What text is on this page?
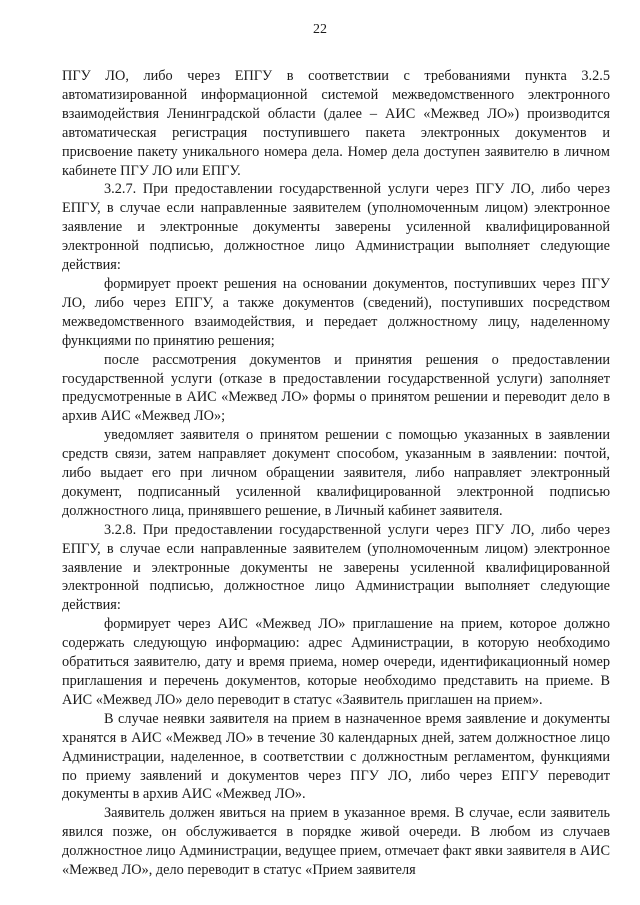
22

ПГУ ЛО, либо через ЕПГУ в соответствии с требованиями пункта 3.2.5 автоматизированной информационной системой межведомственного электронного взаимодействия Ленинградской области (далее – АИС «Межвед ЛО») производится автоматическая регистрация поступившего пакета электронных документов и присвоение пакету уникального номера дела. Номер дела доступен заявителю в личном кабинете ПГУ ЛО или ЕПГУ.

3.2.7. При предоставлении государственной услуги через ПГУ ЛО, либо через ЕПГУ, в случае если направленные заявителем (уполномоченным лицом) электронное заявление и электронные документы заверены усиленной квалифицированной электронной подписью, должностное лицо Администрации выполняет следующие действия:

формирует проект решения на основании документов, поступивших через ПГУ ЛО, либо через ЕПГУ, а также документов (сведений), поступивших посредством межведомственного взаимодействия, и передает должностному лицу, наделенному функциями по принятию решения;

после рассмотрения документов и принятия решения о предоставлении государственной услуги (отказе в предоставлении государственной услуги) заполняет предусмотренные в АИС «Межвед ЛО» формы о принятом решении и переводит дело в архив АИС «Межвед ЛО»;

уведомляет заявителя о принятом решении с помощью указанных в заявлении средств связи, затем направляет документ способом, указанным в заявлении: почтой, либо выдает его при личном обращении заявителя, либо направляет электронный документ, подписанный усиленной квалифицированной электронной подписью должностного лица, принявшего решение, в Личный кабинет заявителя.

3.2.8. При предоставлении государственной услуги через ПГУ ЛО, либо через ЕПГУ, в случае если направленные заявителем (уполномоченным лицом) электронное заявление и электронные документы не заверены усиленной квалифицированной электронной подписью, должностное лицо Администрации выполняет следующие действия:

формирует через АИС «Межвед ЛО» приглашение на прием, которое должно содержать следующую информацию: адрес Администрации, в которую необходимо обратиться заявителю, дату и время приема, номер очереди, идентификационный номер приглашения и перечень документов, которые необходимо представить на приеме. В АИС «Межвед ЛО» дело переводит в статус «Заявитель приглашен на прием».

В случае неявки заявителя на прием в назначенное время заявление и документы хранятся в АИС «Межвед ЛО» в течение 30 календарных дней, затем должностное лицо Администрации, наделенное, в соответствии с должностным регламентом, функциями по приему заявлений и документов через ПГУ ЛО, либо через ЕПГУ переводит документы в архив АИС «Межвед ЛО».

Заявитель должен явиться на прием в указанное время. В случае, если заявитель явился позже, он обслуживается в порядке живой очереди. В любом из случаев должностное лицо Администрации, ведущее прием, отмечает факт явки заявителя в АИС «Межвед ЛО», дело переводит в статус «Прием заявителя
